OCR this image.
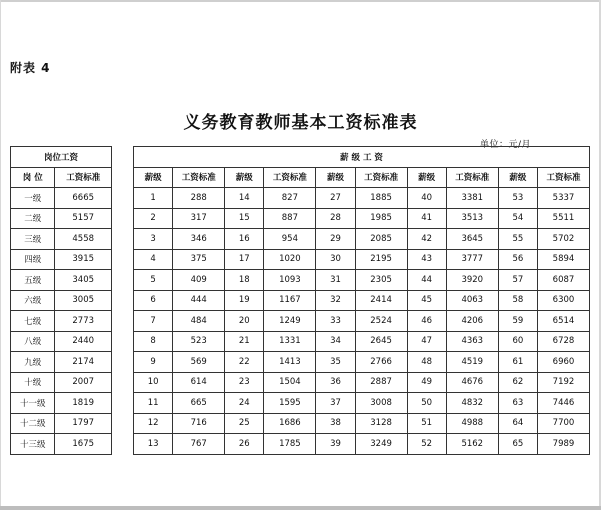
附表 4
义务教育教师基本工资标准表
单位：元/月
岗位工资	
岗 位	工资标准
一级	6665
二级	5157
三级	4558
四级	3915
五级	3405
六级	3005
七级	2773
八级	2440
九级	2174
十级	2007
十一级	1819
十二级	1797
十三级	1675
薪 级 工 资									
薪级	工资标准	薪级	工资标准	薪级	工资标准	薪级	工资标准	薪级	工资标准
1	288	14	827	27	1885	40	3381	53	5337
2	317	15	887	28	1985	41	3513	54	5511
3	346	16	954	29	2085	42	3645	55	5702
4	375	17	1020	30	2195	43	3777	56	5894
5	409	18	1093	31	2305	44	3920	57	6087
6	444	19	1167	32	2414	45	4063	58	6300
7	484	20	1249	33	2524	46	4206	59	6514
8	523	21	1331	34	2645	47	4363	60	6728
9	569	22	1413	35	2766	48	4519	61	6960
10	614	23	1504	36	2887	49	4676	62	7192
11	665	24	1595	37	3008	50	4832	63	7446
12	716	25	1686	38	3128	51	4988	64	7700
13	767	26	1785	39	3249	52	5162	65	7989
